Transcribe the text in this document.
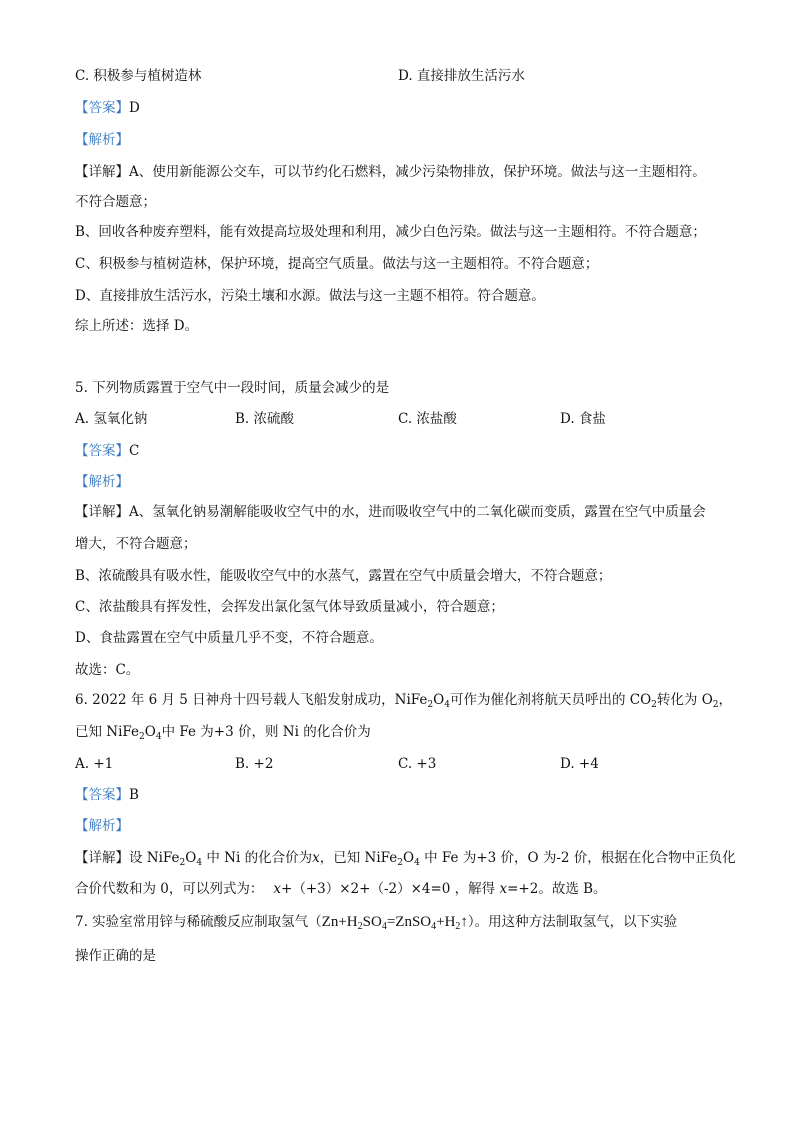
C. 积极参与植树造林	D. 直接排放生活污水
【答案】D
【解析】
【详解】A、使用新能源公交车，可以节约化石燃料，减少污染物排放，保护环境。做法与这一主题相符。
不符合题意；
B、回收各种废弃塑料，能有效提高垃圾处理和利用，减少白色污染。做法与这一主题相符。不符合题意；
C、积极参与植树造林，保护环境，提高空气质量。做法与这一主题相符。不符合题意；
D、直接排放生活污水，污染土壤和水源。做法与这一主题不相符。符合题意。
综上所述：选择 D。
5. 下列物质露置于空气中一段时间，质量会减少的是
A. 氢氧化钠	B. 浓硫酸	C. 浓盐酸	D. 食盐
【答案】C
【解析】
【详解】A、氢氧化钠易潮解能吸收空气中的水，进而吸收空气中的二氧化碳而变质，露置在空气中质量会
增大，不符合题意；
B、浓硫酸具有吸水性，能吸收空气中的水蒸气，露置在空气中质量会增大，不符合题意；
C、浓盐酸具有挥发性，会挥发出氯化氢气体导致质量减小，符合题意；
D、食盐露置在空气中质量几乎不变，不符合题意。
故选：C。
6. 2022 年 6 月 5 日神舟十四号载人飞船发射成功，$NiFe_2O_4$可作为催化剂将航天员呼出的 $CO_2$转化为 $O_2$，
已知 $NiFe_2O_4$中 Fe 为+3 价，则 Ni 的化合价为
A. +1	B. +2	C. +3	D. +4
【答案】B
【解析】
【详解】设 $NiFe_2O_4$ 中 Ni 的化合价为x，已知 $NiFe_2O_4$ 中 Fe 为+3 价，O 为-2 价，根据在化合物中正负化
合价代数和为 0，可以列式为： x+（+3）×2+（-2）×4=0 ，解得 x=+2。故选 B。
7. 实验室常用锌与稀硫酸反应制取氢气$(Zn+H_2SO_4=ZnSO_4+H_2↑)$。用这种方法制取氢气，以下实验
操作正确的是
